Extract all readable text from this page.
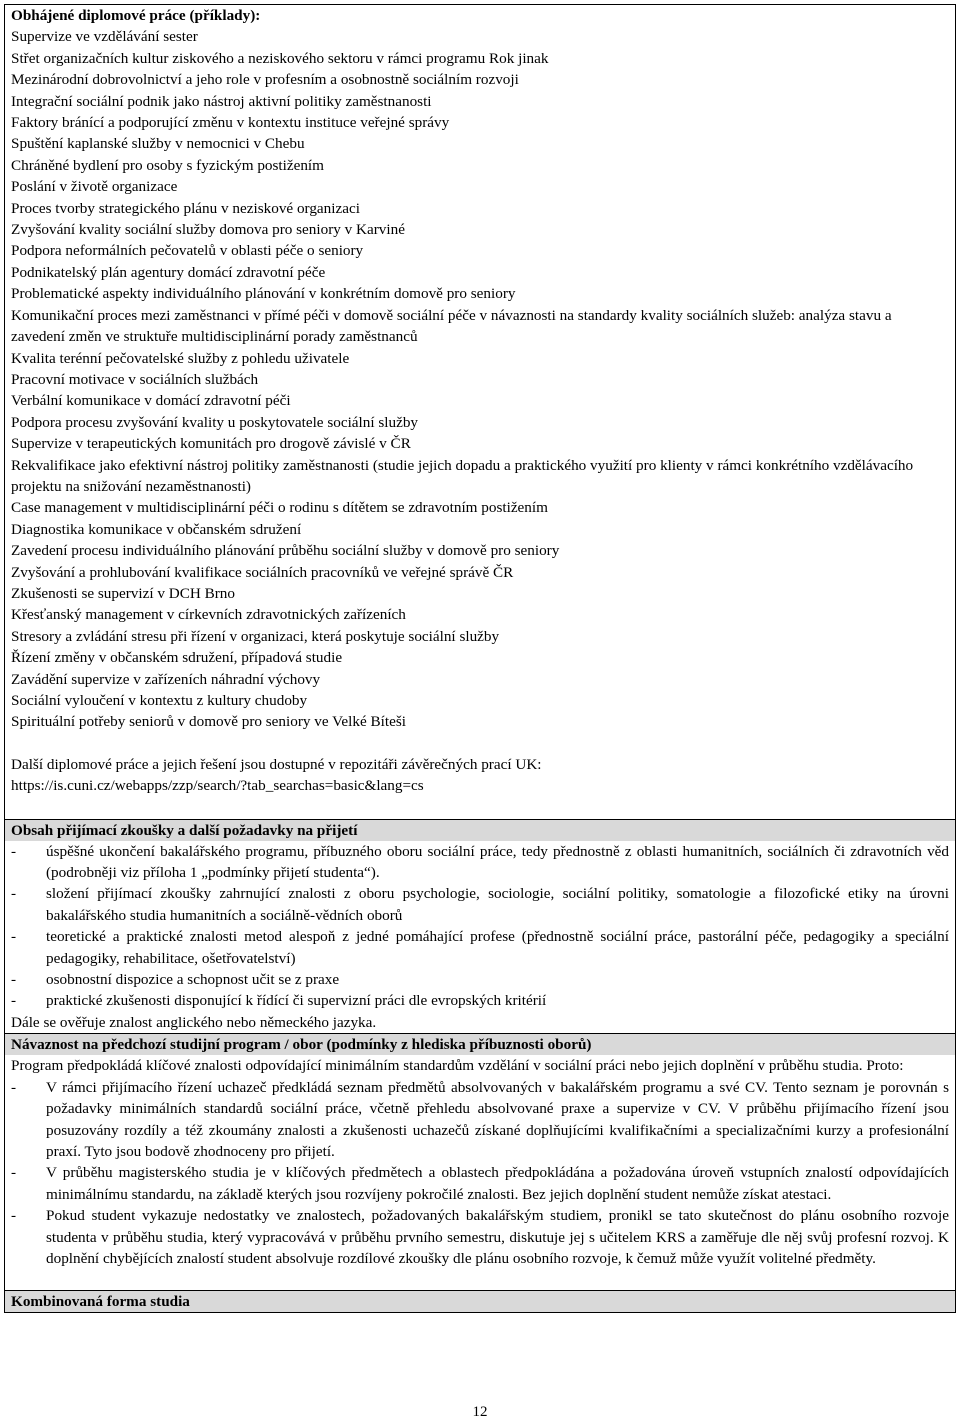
Obhájené diplomové práce (příklady):
Supervize ve vzdělávání sester
Střet organizačních kultur ziskového a neziskového sektoru v rámci programu Rok jinak
Mezinárodní dobrovolnictví a jeho role v profesním a osobnostně sociálním rozvoji
Integrační sociální podnik jako nástroj aktivní politiky zaměstnanosti
Faktory bránící a podporující změnu v kontextu instituce veřejné správy
Spuštění kaplanské služby v nemocnici v Chebu
Chráněné bydlení pro osoby s fyzickým postižením
Poslání v životě organizace
Proces tvorby strategického plánu v neziskové organizaci
Zvyšování kvality sociální služby domova pro seniory v Karviné
Podpora neformálních pečovatelů v oblasti péče o seniory
Podnikatelský plán agentury domácí zdravotní péče
Problematické aspekty individuálního plánování v konkrétním domově pro seniory
Komunikační proces mezi zaměstnanci v přímé péči v domově sociální péče v návaznosti na standardy kvality sociálních služeb: analýza stavu a zavedení změn ve struktuře multidisciplinární porady zaměstnanců
Kvalita terénní pečovatelské služby z pohledu uživatele
Pracovní motivace v sociálních službách
Verbální komunikace v domácí zdravotní péči
Podpora procesu zvyšování kvality u poskytovatele sociální služby
Supervize v terapeutických komunitách pro drogově závislé v ČR
Rekvalifikace jako efektivní nástroj politiky zaměstnanosti (studie jejich dopadu a praktického využití pro klienty v rámci konkrétního vzdělávacího projektu na snižování nezaměstnanosti)
Case management v multidisciplinární péči o rodinu s dítětem se zdravotním postižením
Diagnostika komunikace v občanském sdružení
Zavedení procesu individuálního plánování průběhu sociální služby v domově pro seniory
Zvyšování a prohlubování kvalifikace sociálních pracovníků ve veřejné správě ČR
Zkušenosti se supervizí v DCH Brno
Křesťanský management v církevních zdravotnických zařízeních
Stresory a zvládání stresu při řízení v organizaci, která poskytuje sociální služby
Řízení změny v občanském sdružení, případová studie
Zavádění supervize v zařízeních náhradní výchovy
Sociální vyloučení v kontextu z kultury chudoby
Spirituální potřeby seniorů v domově pro seniory ve Velké Bíteši
Další diplomové práce a jejich řešení jsou dostupné v repozitáři závěrečných prací UK:
https://is.cuni.cz/webapps/zzp/search/?tab_searchas=basic&lang=cs
Obsah přijímací zkoušky a další požadavky na přijetí
- úspěšné ukončení bakalářského programu, příbuzného oboru sociální práce, tedy přednostně z oblasti humanitních, sociálních či zdravotních věd (podrobněji viz příloha 1 „podmínky přijetí studenta“).
- složení přijímací zkoušky zahrnující znalosti z oboru psychologie, sociologie, sociální politiky, somatologie a filozofické etiky na úrovni bakalářského studia humanitních a sociálně-vědních oborů
- teoretické a praktické znalosti metod alespoň z jedné pomáhající profese (přednostně sociální práce, pastorální péče, pedagogiky a speciální pedagogiky, rehabilitace, ošetřovatelství)
- osobnostní dispozice a schopnost učit se z praxe
- praktické zkušenosti disponující k řídící či supervizní práci dle evropských kritérií
Dále se ověřuje znalost anglického nebo německého jazyka.
Návaznost na předchozí studijní program / obor (podmínky z hlediska příbuznosti oborů)
Program předpokládá klíčové znalosti odpovídající minimálním standardům vzdělání v sociální práci nebo jejich doplnění v průběhu studia. Proto:
- V rámci přijímacího řízení uchazeč předkládá seznam předmětů absolvovaných v bakalářském programu a své CV. Tento seznam je porovnán s požadavky minimálních standardů sociální práce, včetně přehledu absolvované praxe a supervize v CV. V průběhu přijímacího řízení jsou posuzovány rozdíly a též zkoumány znalosti a zkušenosti uchazečů získané doplňujícími kvalifikačními a specializačními kurzy a profesionální praxí. Tyto jsou bodově zhodnoceny pro přijetí.
- V průběhu magisterského studia je v klíčových předmětech a oblastech předpokládána a požadována úroveň vstupních znalostí odpovídajících minimálnímu standardu, na základě kterých jsou rozvíjeny pokročilé znalosti. Bez jejich doplnění student nemůže získat atestaci.
- Pokud student vykazuje nedostatky ve znalostech, požadovaných bakalářským studiem, pronikl se tato skutečnost do plánu osobního rozvoje studenta v průběhu studia, který vypracovává v průběhu prvního semestru, diskutuje jej s učitelem KRS a zaměřuje dle něj svůj profesní rozvoj. K doplnění chybějících znalostí student absolvuje rozdílové zkoušky dle plánu osobního rozvoje, k čemuž může využít volitelné předměty.
Kombinovaná forma studia
12
